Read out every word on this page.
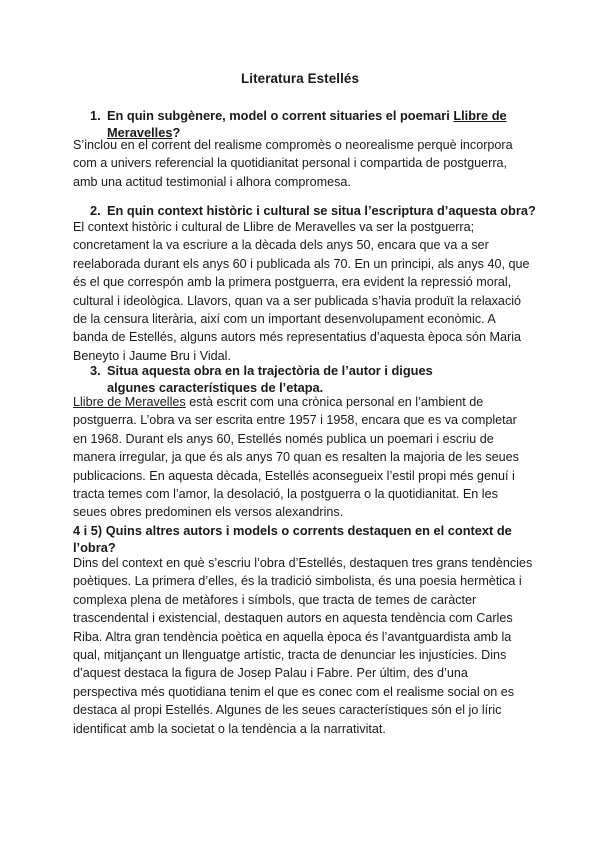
Literatura Estellés
1. En quin subgènere, model o corrent situaries el poemari Llibre de
Meravelles?

S’inclou en el corrent del realisme compromès o neorealisme perquè incorpora com a univers referencial la quotidianitat personal i compartida de postguerra, amb una actitud testimonial i alhora compromesa.

2. En quin context històric i cultural se situa l’escriptura d’aquesta obra?

El context històric i cultural de Llibre de Meravelles va ser la postguerra; concretament la va escriure a la dècada dels anys 50, encara que va a ser reelaborada durant els anys 60 i publicada als 70. En un principi, als anys 40, que és el que correspón amb la primera postguerra, era evident la repressió moral, cultural i ideològica. Llavors, quan va a ser publicada s’havia produït la relaxació de la censura literària, així com un important desenvolupament econòmic. A banda de Estellés, alguns autors més representatius d’aquesta època són Maria Beneyto i Jaume Bru i Vidal.

3. Situa aquesta obra en la trajectòria de l’autor i digues algunes característiques de l’etapa.

Llibre de Meravelles està escrit com una crònica personal en l’ambient de postguerra. L’obra va ser escrita entre 1957 i 1958, encara que es va completar en 1968. Durant els anys 60, Estellés només publica un poemari i escriu de manera irregular, ja que és als anys 70 quan es resalten la majoria de les seues publicacions. En aquesta dècada, Estellés aconsegueix l’estil propi més genuí i tracta temes com l’amor, la desolació, la postguerra o la quotidianitat. En les seues obres predominen els versos alexandrins.

4 i 5) Quins altres autors i models o corrents destaquen en el context de l’obra?

Dins del context en què s’escriu l’obra d’Estellés, destaquen tres grans tendències poètiques. La primera d’elles, és la tradició simbolista, és una poesia hermètica i complexa plena de metàfores i símbols, que tracta de temes de caràcter trascendental i existencial, destaquen autors en aquesta tendència com Carles Riba. Altra gran tendència poètica en aquella època és l’avantguardista amb la qual, mitjançant un llenguatge artístic, tracta de denunciar les injustícies. Dins d’aquest destaca la figura de Josep Palau i Fabre. Per últim, des d’una perspectiva més quotidiana tenim el que es conec com el realisme social on es destaca al propi Estellés. Algunes de les seues característiques són el jo líric identificat amb la societat o la tendència a la narrativitat.
